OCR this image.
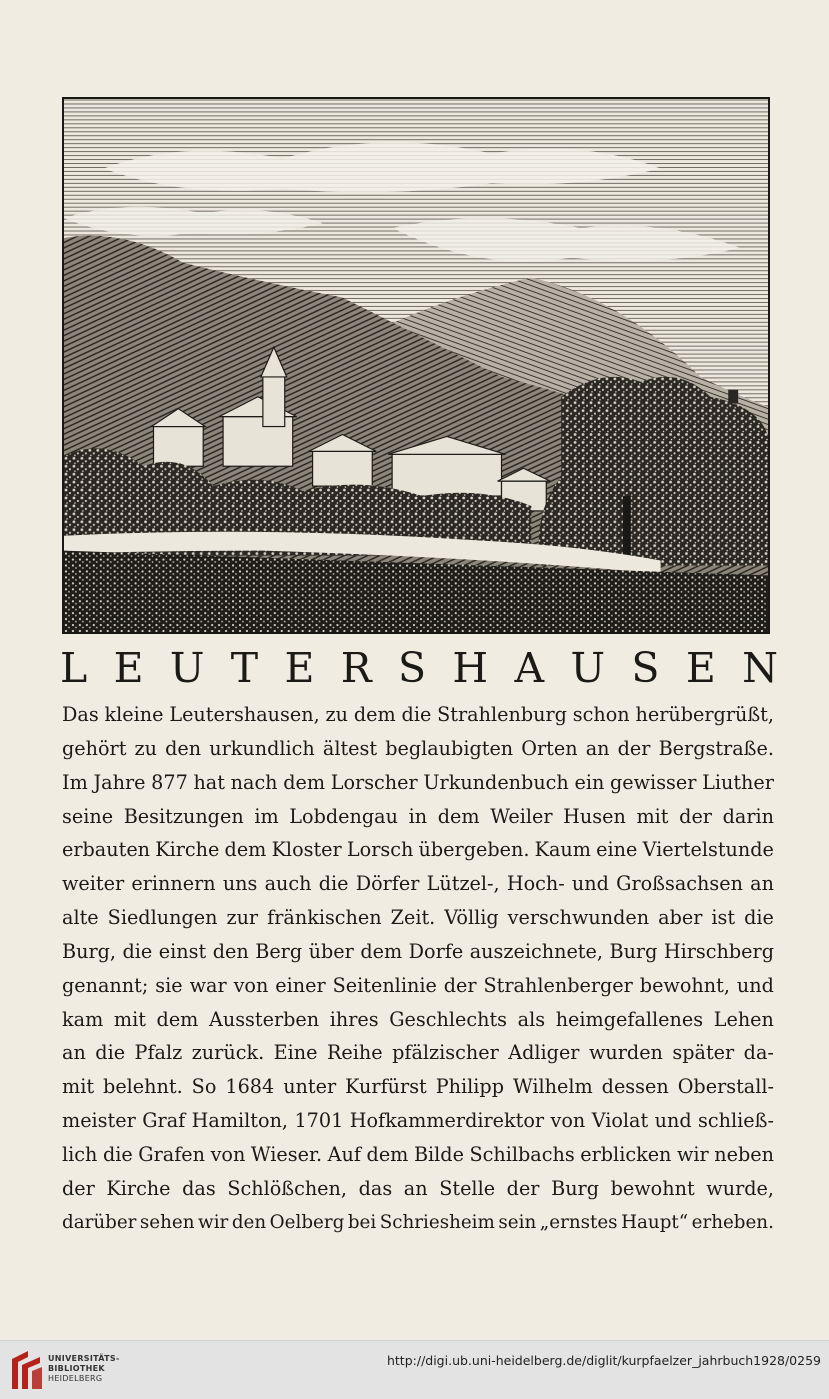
L E U T E R S H A U S E N
Das kleine Leutershausen, zu dem die Strahlenburg schon herübergrüßt,
gehört zu den urkundlich ältest beglaubigten Orten an der Bergstraße.
Im Jahre 877 hat nach dem Lorscher Urkundenbuch ein gewisser Liuther
seine Besitzungen im Lobdengau in dem Weiler Husen mit der darin
erbauten Kirche dem Kloster Lorsch übergeben. Kaum eine Viertelstunde
weiter erinnern uns auch die Dörfer Lützel-, Hoch- und Großsachsen an
alte Siedlungen zur fränkischen Zeit. Völlig verschwunden aber ist die
Burg, die einst den Berg über dem Dorfe auszeichnete, Burg Hirschberg
genannt; sie war von einer Seitenlinie der Strahlenberger bewohnt, und
kam mit dem Aussterben ihres Geschlechts als heimgefallenes Lehen
an die Pfalz zurück. Eine Reihe pfälzischer Adliger wurden später da-
mit belehnt. So 1684 unter Kurfürst Philipp Wilhelm dessen Oberstall-
meister Graf Hamilton, 1701 Hofkammerdirektor von Violat und schließ-
lich die Grafen von Wieser. Auf dem Bilde Schilbachs erblicken wir neben
der Kirche das Schlößchen, das an Stelle der Burg bewohnt wurde,
darüber sehen wir den Oelberg bei Schriesheim sein „ernstes Haupt“ erheben.
UNIVERSITÄTS-
BIBLIOTHEK
HEIDELBERG
http://digi.ub.uni-heidelberg.de/diglit/kurpfaelzer_jahrbuch1928/0259
